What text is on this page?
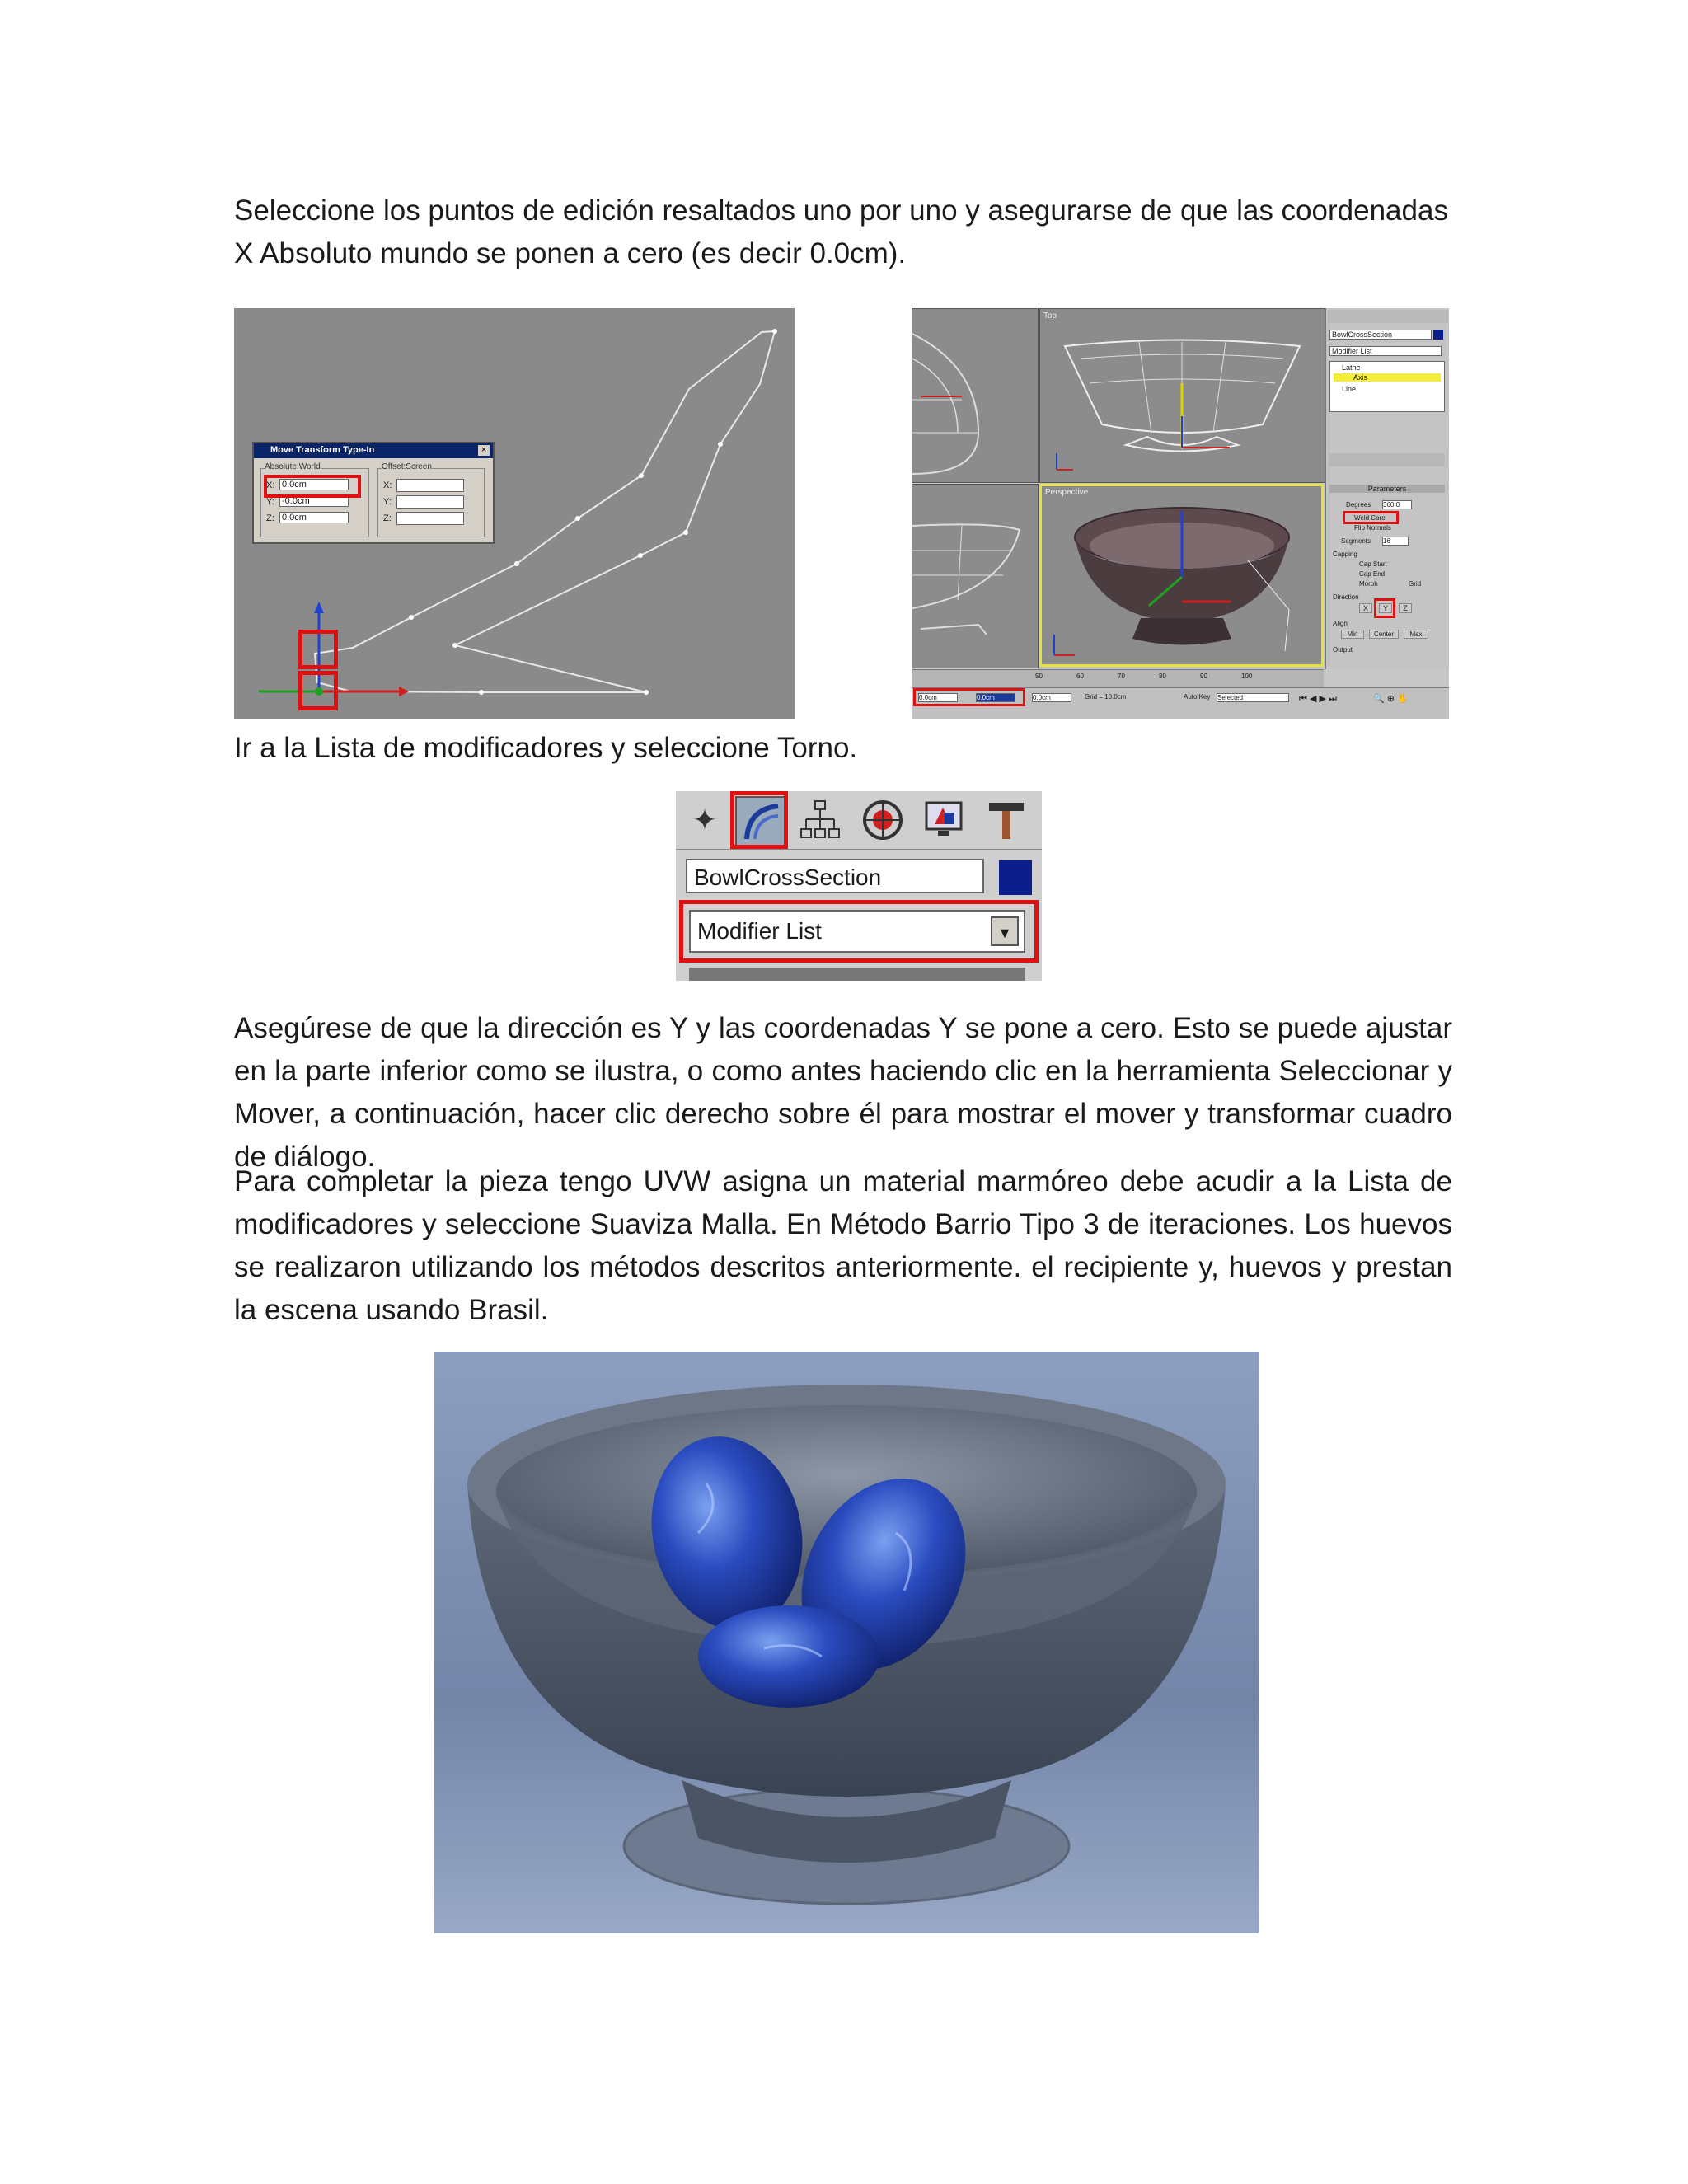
Seleccione los puntos de edición resaltados uno por uno y asegurarse de que las coordenadas X Absoluto mundo se ponen a cero (es decir 0.0cm).

Move Transform Type-In	×
Absolute:World
X: 0.0cm
Y: -0.0cm
Z: 0.0cm
Offset:Screen
X:
Y:
Z:
Top
Perspective
BowlCrossSection
Modifier List
Lathe
Axis
Line
Parameters
Degrees 360.0
Weld Core
Flip Normals
Segments 16
Capping
Cap Start
Cap End
Morph	Grid
Direction
X	Y	Z
Align
Min	Center	Max
Output
50	60	70	80	90	100
0.0cm	0.0cm	0.0cm	Grid = 10.0cm	Auto Key Selected	⏮ ◀ ▶ ⏭	🔍 ⊕ ✋

Ir a la Lista de modificadores y seleccione Torno.

✦
BowlCrossSection
Modifier List	▼

Asegúrese de que la dirección es Y y las coordenadas Y se pone a cero. Esto se puede ajustar en la parte inferior como se ilustra, o como antes haciendo clic en la herramienta Seleccionar y Mover, a continuación, hacer clic derecho sobre él para mostrar el mover y transformar cuadro de diálogo.

Para completar la pieza tengo UVW asigna un material marmóreo debe acudir a la Lista de modificadores y seleccione Suaviza Malla. En Método Barrio Tipo 3 de iteraciones. Los huevos se realizaron utilizando los métodos descritos anteriormente. el recipiente y, huevos y prestan la escena usando Brasil.
